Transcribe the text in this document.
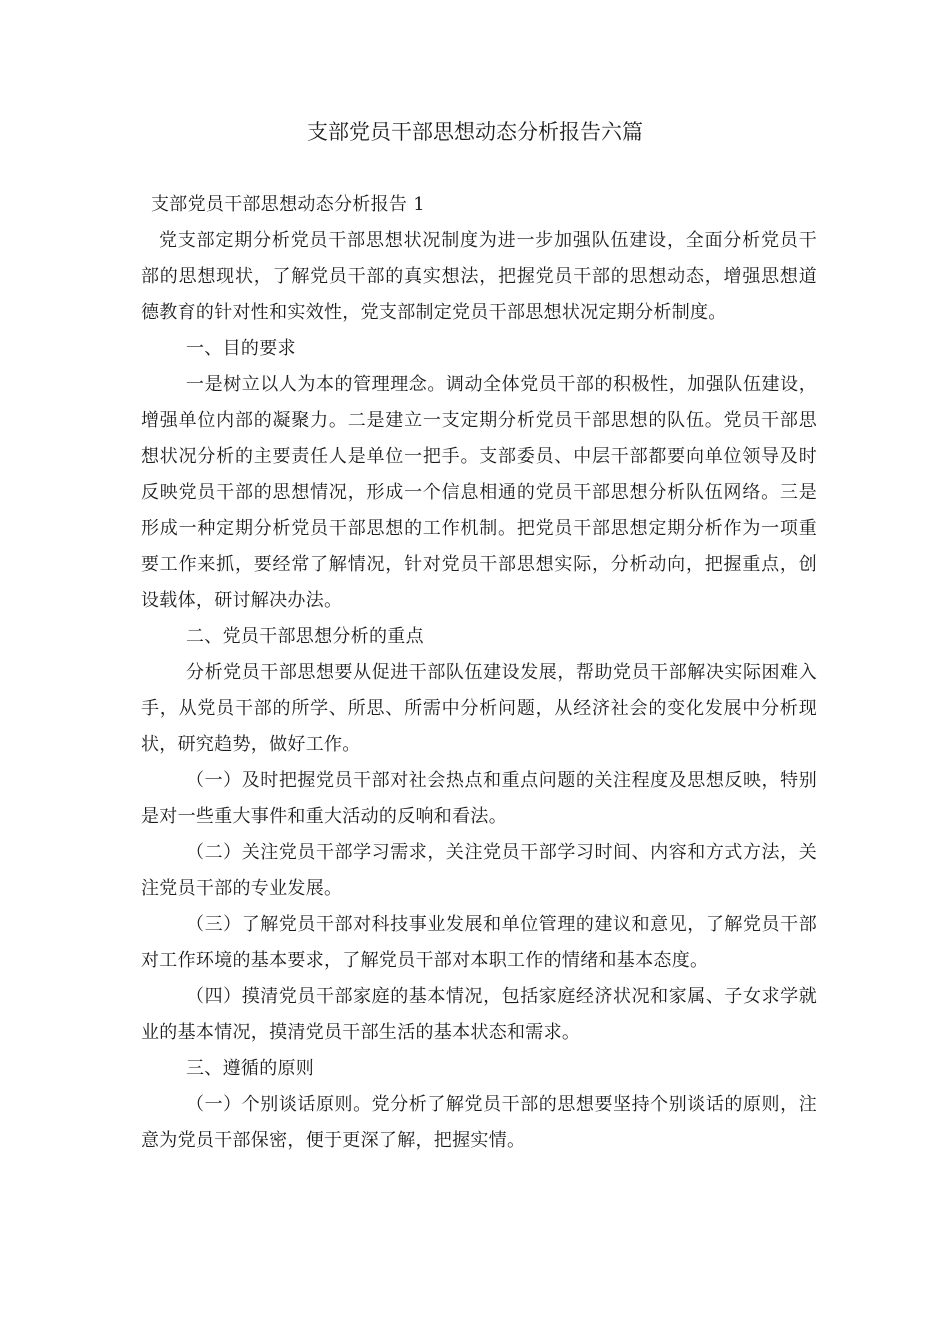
支部党员干部思想动态分析报告六篇

支部党员干部思想动态分析报告 1

党支部定期分析党员干部思想状况制度为进一步加强队伍建设，全面分析党员干部的思想现状，了解党员干部的真实想法，把握党员干部的思想动态，增强思想道德教育的针对性和实效性，党支部制定党员干部思想状况定期分析制度。

一、目的要求

一是树立以人为本的管理理念。调动全体党员干部的积极性，加强队伍建设，增强单位内部的凝聚力。二是建立一支定期分析党员干部思想的队伍。党员干部思想状况分析的主要责任人是单位一把手。支部委员、中层干部都要向单位领导及时反映党员干部的思想情况，形成一个信息相通的党员干部思想分析队伍网络。三是形成一种定期分析党员干部思想的工作机制。把党员干部思想定期分析作为一项重要工作来抓，要经常了解情况，针对党员干部思想实际，分析动向，把握重点，创设载体，研讨解决办法。

二、党员干部思想分析的重点

分析党员干部思想要从促进干部队伍建设发展，帮助党员干部解决实际困难入手，从党员干部的所学、所思、所需中分析问题，从经济社会的变化发展中分析现状，研究趋势，做好工作。

（一）及时把握党员干部对社会热点和重点问题的关注程度及思想反映，特别是对一些重大事件和重大活动的反响和看法。

（二）关注党员干部学习需求，关注党员干部学习时间、内容和方式方法，关注党员干部的专业发展。

（三）了解党员干部对科技事业发展和单位管理的建议和意见，了解党员干部对工作环境的基本要求，了解党员干部对本职工作的情绪和基本态度。

（四）摸清党员干部家庭的基本情况，包括家庭经济状况和家属、子女求学就业的基本情况，摸清党员干部生活的基本状态和需求。

三、遵循的原则

（一）个别谈话原则。党分析了解党员干部的思想要坚持个别谈话的原则，注意为党员干部保密，便于更深了解，把握实情。
